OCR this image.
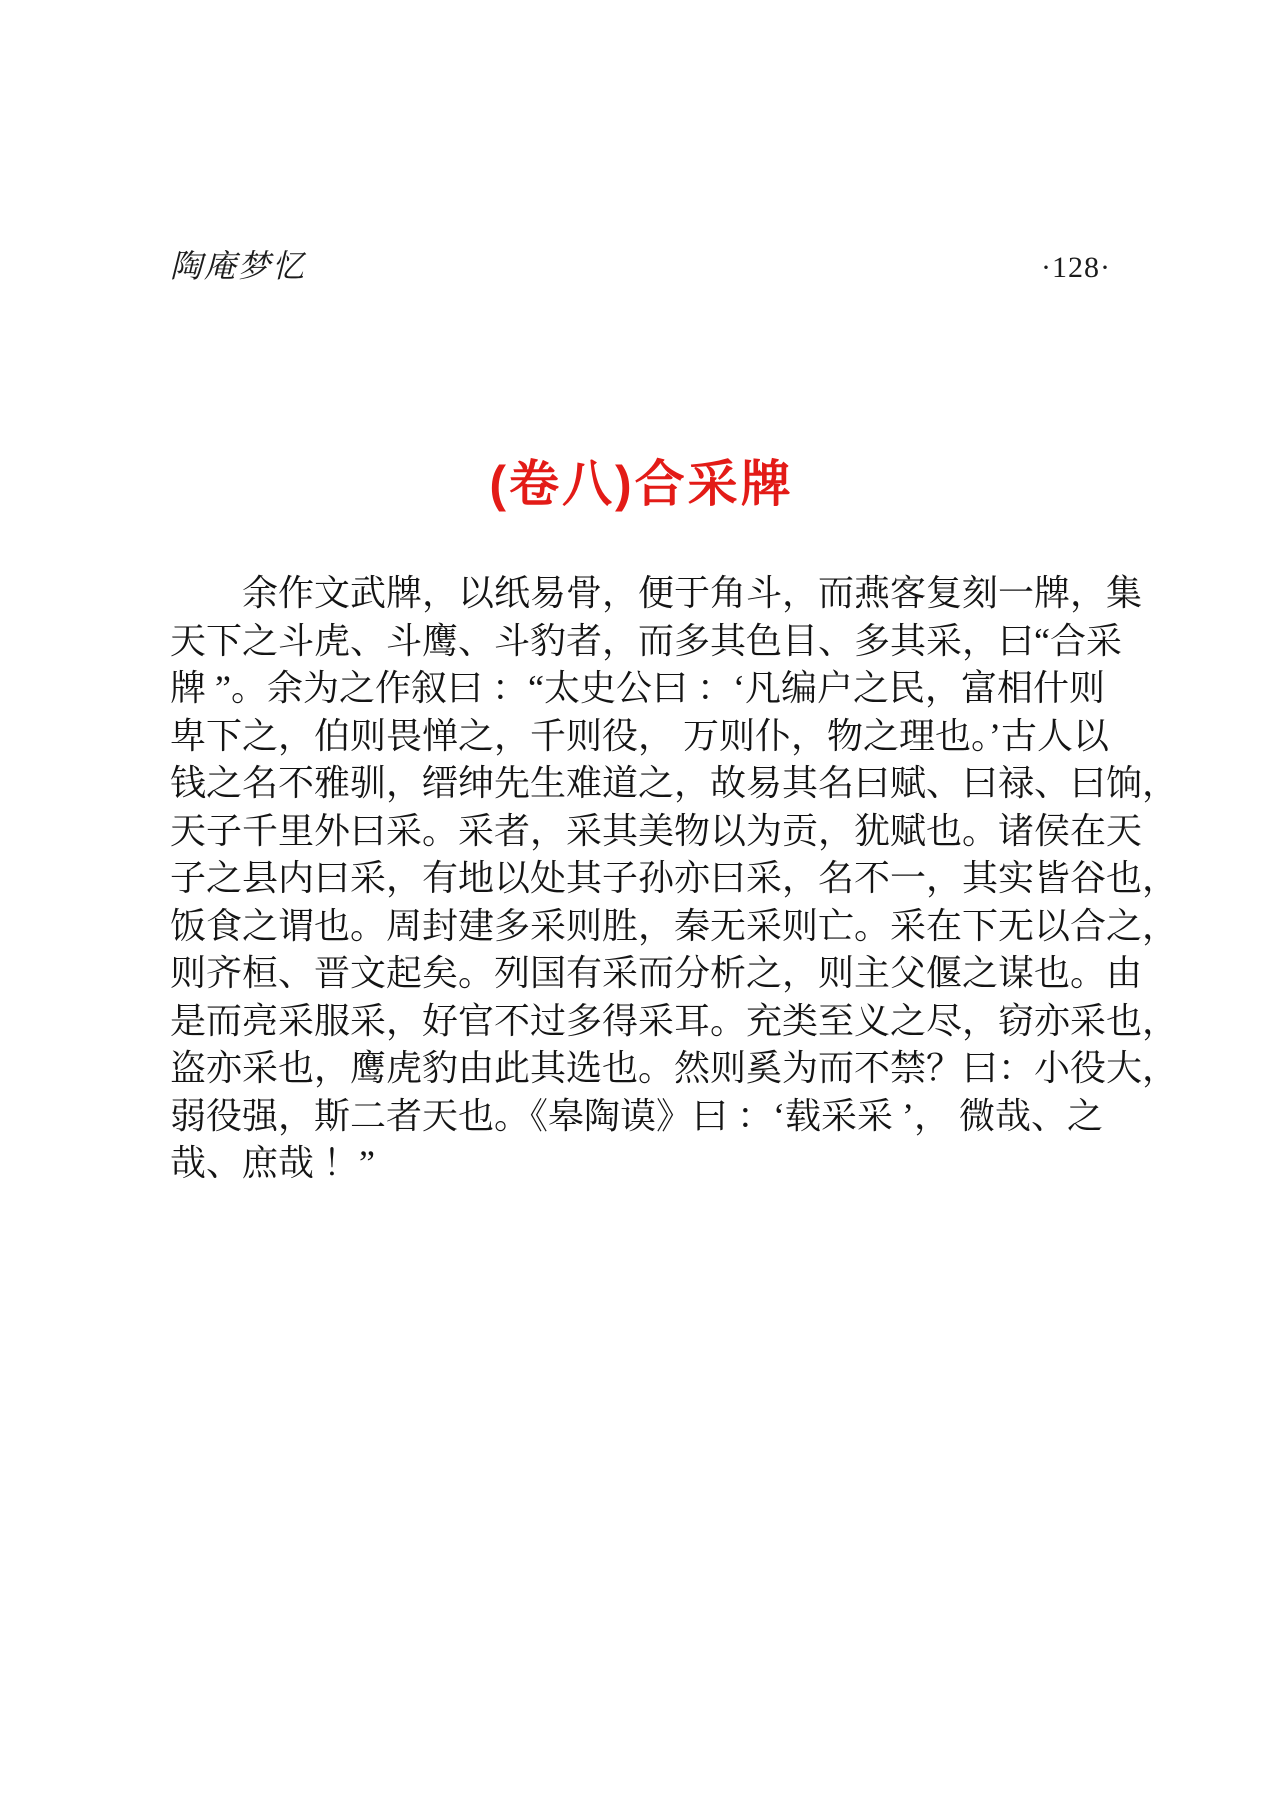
陶庵梦忆	·128·
(卷八)合采牌
余作文武牌，以纸易骨，便于角斗，而燕客复刻一牌，集
天下之斗虎、斗鹰、斗豹者，而多其色目、多其采，曰“合采
牌 ”。余为之作叙曰 ：“太史公曰 ：‘凡编户之民，富相什则
卑下之，伯则畏惮之，千则役， 万则仆，物之理也。’古人以
钱之名不雅驯，缙绅先生难道之，故易其名曰赋、曰禄、曰饷，
天子千里外曰采。采者，采其美物以为贡，犹赋也。诸侯在天
子之县内曰采，有地以处其子孙亦曰采，名不一，其实皆谷也，
饭食之谓也。周封建多采则胜，秦无采则亡。采在下无以合之，
则齐桓、晋文起矣。列国有采而分析之，则主父偃之谋也。由
是而亮采服采，好官不过多得采耳。充类至义之尽，窃亦采也，
盗亦采也，鹰虎豹由此其选也。然则奚为而不禁？曰：小役大，
弱役强，斯二者天也。《皋陶谟》曰 ：‘载采采 ’， 微哉、之
哉、庶哉 ！”
